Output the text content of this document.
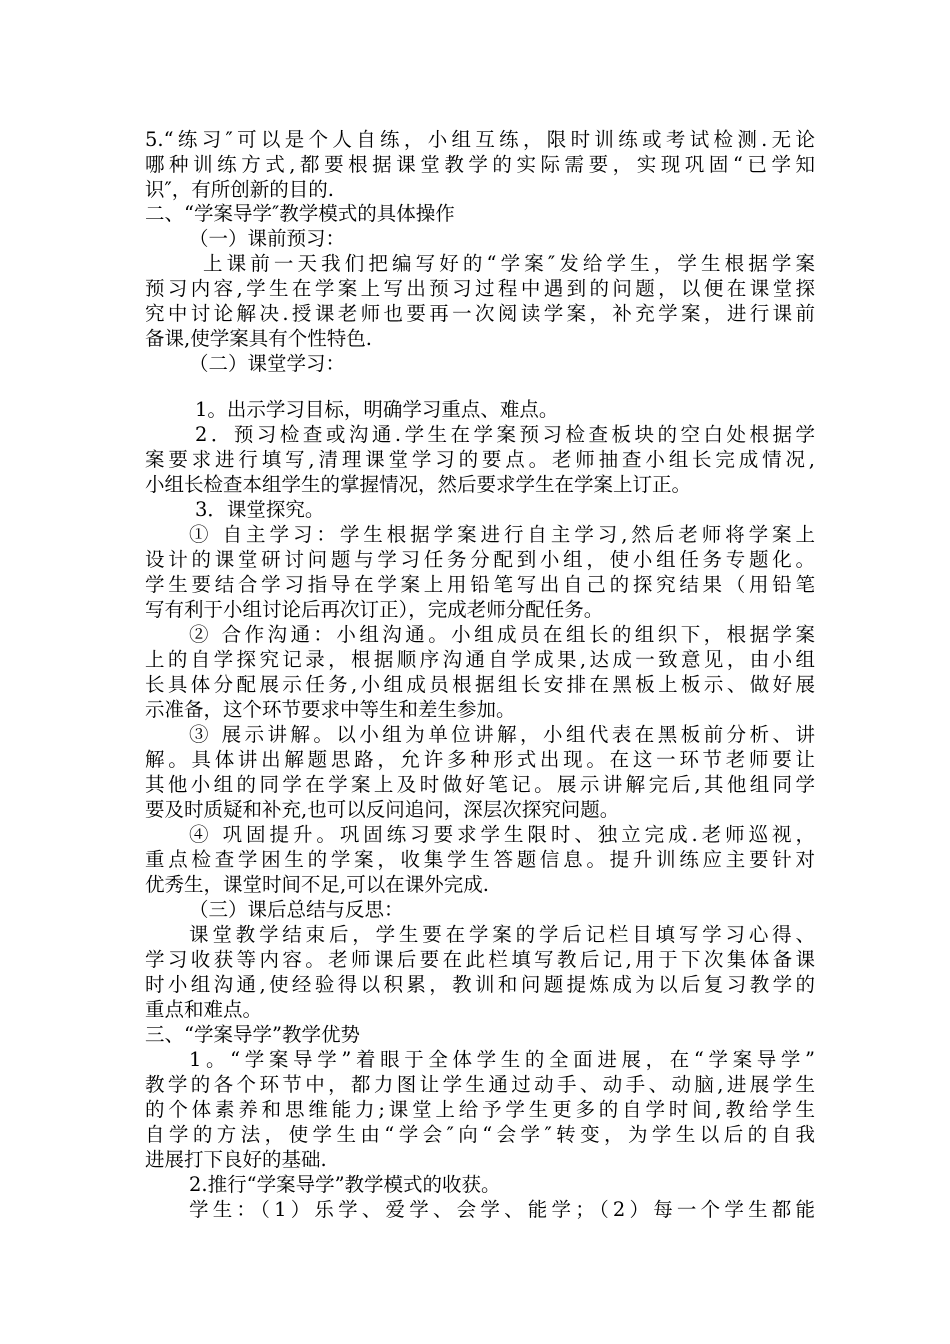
5.“练习″可以是个人自练，小组互练，限时训练或考试检测.无论
哪种训练方式,都要根据课堂教学的实际需要，实现巩固“已学知
识″，有所创新的目的.
二、“学案导学″教学模式的具体操作
（一）课前预习：
上课前一天我们把编写好的“学案″发给学生，学生根据学案
预习内容,学生在学案上写出预习过程中遇到的问题，以便在课堂探
究中讨论解决.授课老师也要再一次阅读学案，补充学案，进行课前
备课,使学案具有个性特色.
（二）课堂学习：
1。出示学习目标，明确学习重点、难点。
2．预习检查或沟通.学生在学案预习检查板块的空白处根据学
案要求进行填写,清理课堂学习的要点。老师抽查小组长完成情况,
小组长检查本组学生的掌握情况，然后要求学生在学案上订正。
3．课堂探究。
① 自主学习：学生根据学案进行自主学习,然后老师将学案上
设计的课堂研讨问题与学习任务分配到小组，使小组任务专题化。
学生要结合学习指导在学案上用铅笔写出自己的探究结果（用铅笔
写有利于小组讨论后再次订正），完成老师分配任务。
② 合作沟通：小组沟通。小组成员在组长的组织下，根据学案
上的自学探究记录，根据顺序沟通自学成果,达成一致意见，由小组
长具体分配展示任务,小组成员根据组长安排在黑板上板示、做好展
示准备，这个环节要求中等生和差生参加。
③ 展示讲解。以小组为单位讲解，小组代表在黑板前分析、讲
解。具体讲出解题思路，允许多种形式出现。在这一环节老师要让
其他小组的同学在学案上及时做好笔记。展示讲解完后,其他组同学
要及时质疑和补充,也可以反问追问，深层次探究问题。
④ 巩固提升。巩固练习要求学生限时、独立完成.老师巡视，
重点检查学困生的学案，收集学生答题信息。提升训练应主要针对
优秀生，课堂时间不足,可以在课外完成.
（三）课后总结与反思：
课堂教学结束后，学生要在学案的学后记栏目填写学习心得、
学习收获等内容。老师课后要在此栏填写教后记,用于下次集体备课
时小组沟通,使经验得以积累，教训和问题提炼成为以后复习教学的
重点和难点。
三、“学案导学”教学优势
1。“学案导学”着眼于全体学生的全面进展，在“学案导学”
教学的各个环节中，都力图让学生通过动手、动手、动脑,进展学生
的个体素养和思维能力;课堂上给予学生更多的自学时间,教给学生
自学的方法，使学生由“学会″向“会学″转变，为学生以后的自我
进展打下良好的基础.
2.推行“学案导学”教学模式的收获。
学生：（1）乐学、爱学、会学、能学；（2）每一个学生都能
